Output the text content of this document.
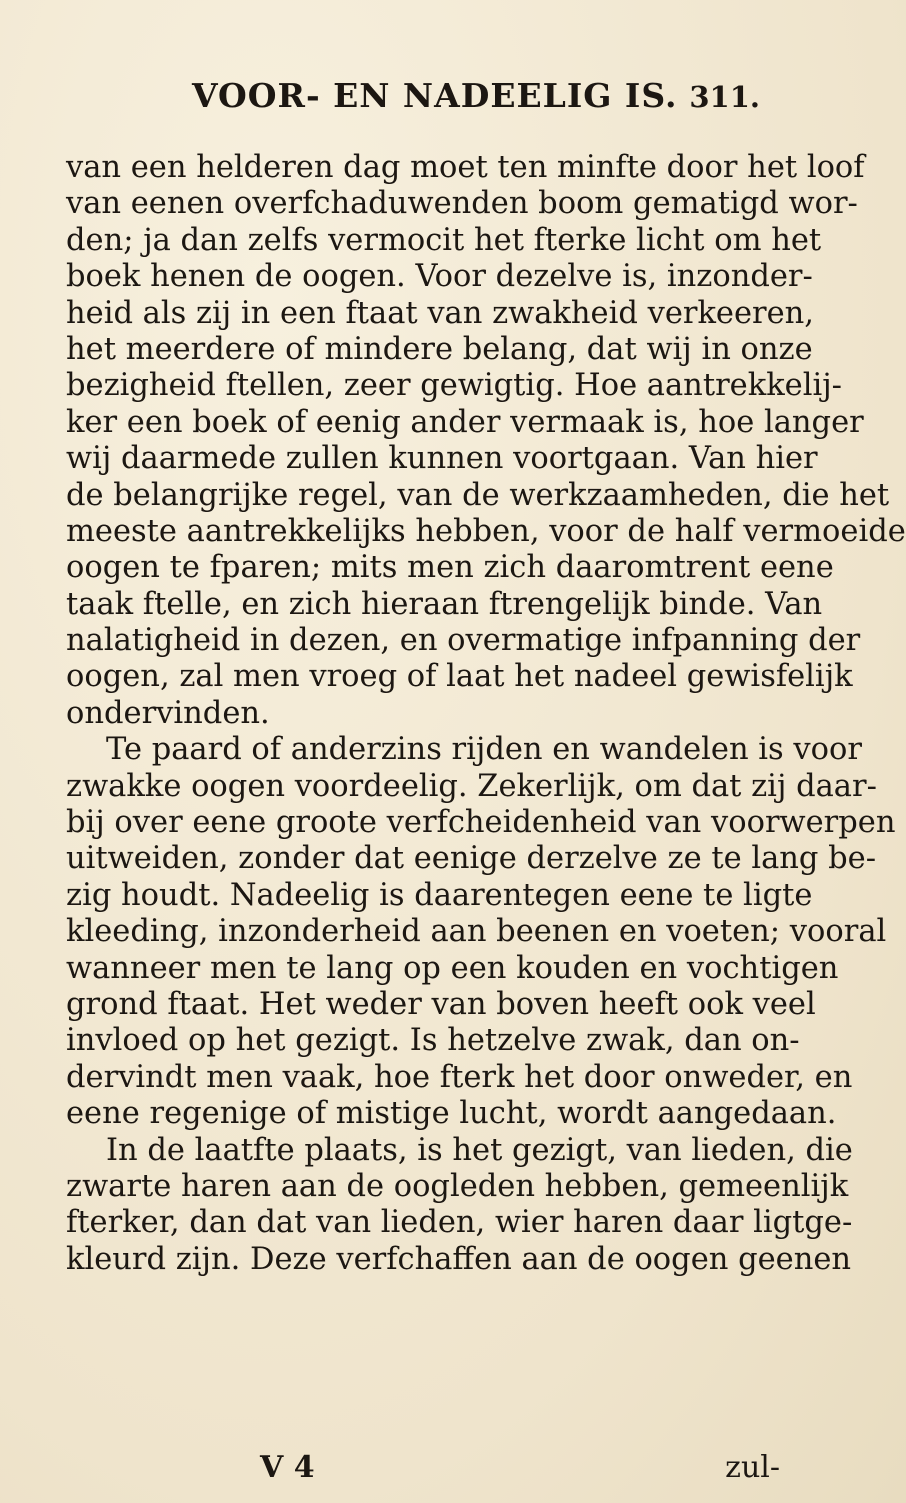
VOOR- EN NADEELIG IS. 311.
van een helderen dag moet ten minfte door het loof
van eenen overfchaduwenden boom gematigd wor-
den; ja dan zelfs vermocit het fterke licht om het
boek henen de oogen. Voor dezelve is, inzonder-
heid als zij in een ftaat van zwakheid verkeeren,
het meerdere of mindere belang, dat wij in onze
bezigheid ftellen, zeer gewigtig. Hoe aantrekkelij-
ker een boek of eenig ander vermaak is, hoe langer
wij daarmede zullen kunnen voortgaan. Van hier
de belangrijke regel, van de werkzaamheden, die het
meeste aantrekkelijks hebben, voor de half vermoeide
oogen te fparen; mits men zich daaromtrent eene
taak ftelle, en zich hieraan ftrengelijk binde. Van
nalatigheid in dezen, en overmatige infpanning der
oogen, zal men vroeg of laat het nadeel gewisfelijk
ondervinden.
Te paard of anderzins rijden en wandelen is voor
zwakke oogen voordeelig. Zekerlijk, om dat zij daar-
bij over eene groote verfcheidenheid van voorwerpen
uitweiden, zonder dat eenige derzelve ze te lang be-
zig houdt. Nadeelig is daarentegen eene te ligte
kleeding, inzonderheid aan beenen en voeten; vooral
wanneer men te lang op een kouden en vochtigen
grond ftaat. Het weder van boven heeft ook veel
invloed op het gezigt. Is hetzelve zwak, dan on-
dervindt men vaak, hoe fterk het door onweder, en
eene regenige of mistige lucht, wordt aangedaan.
In de laatfte plaats, is het gezigt, van lieden, die
zwarte haren aan de oogleden hebben, gemeenlijk
fterker, dan dat van lieden, wier haren daar ligtge-
kleurd zijn. Deze verfchaffen aan de oogen geenen
V 4	zul-
